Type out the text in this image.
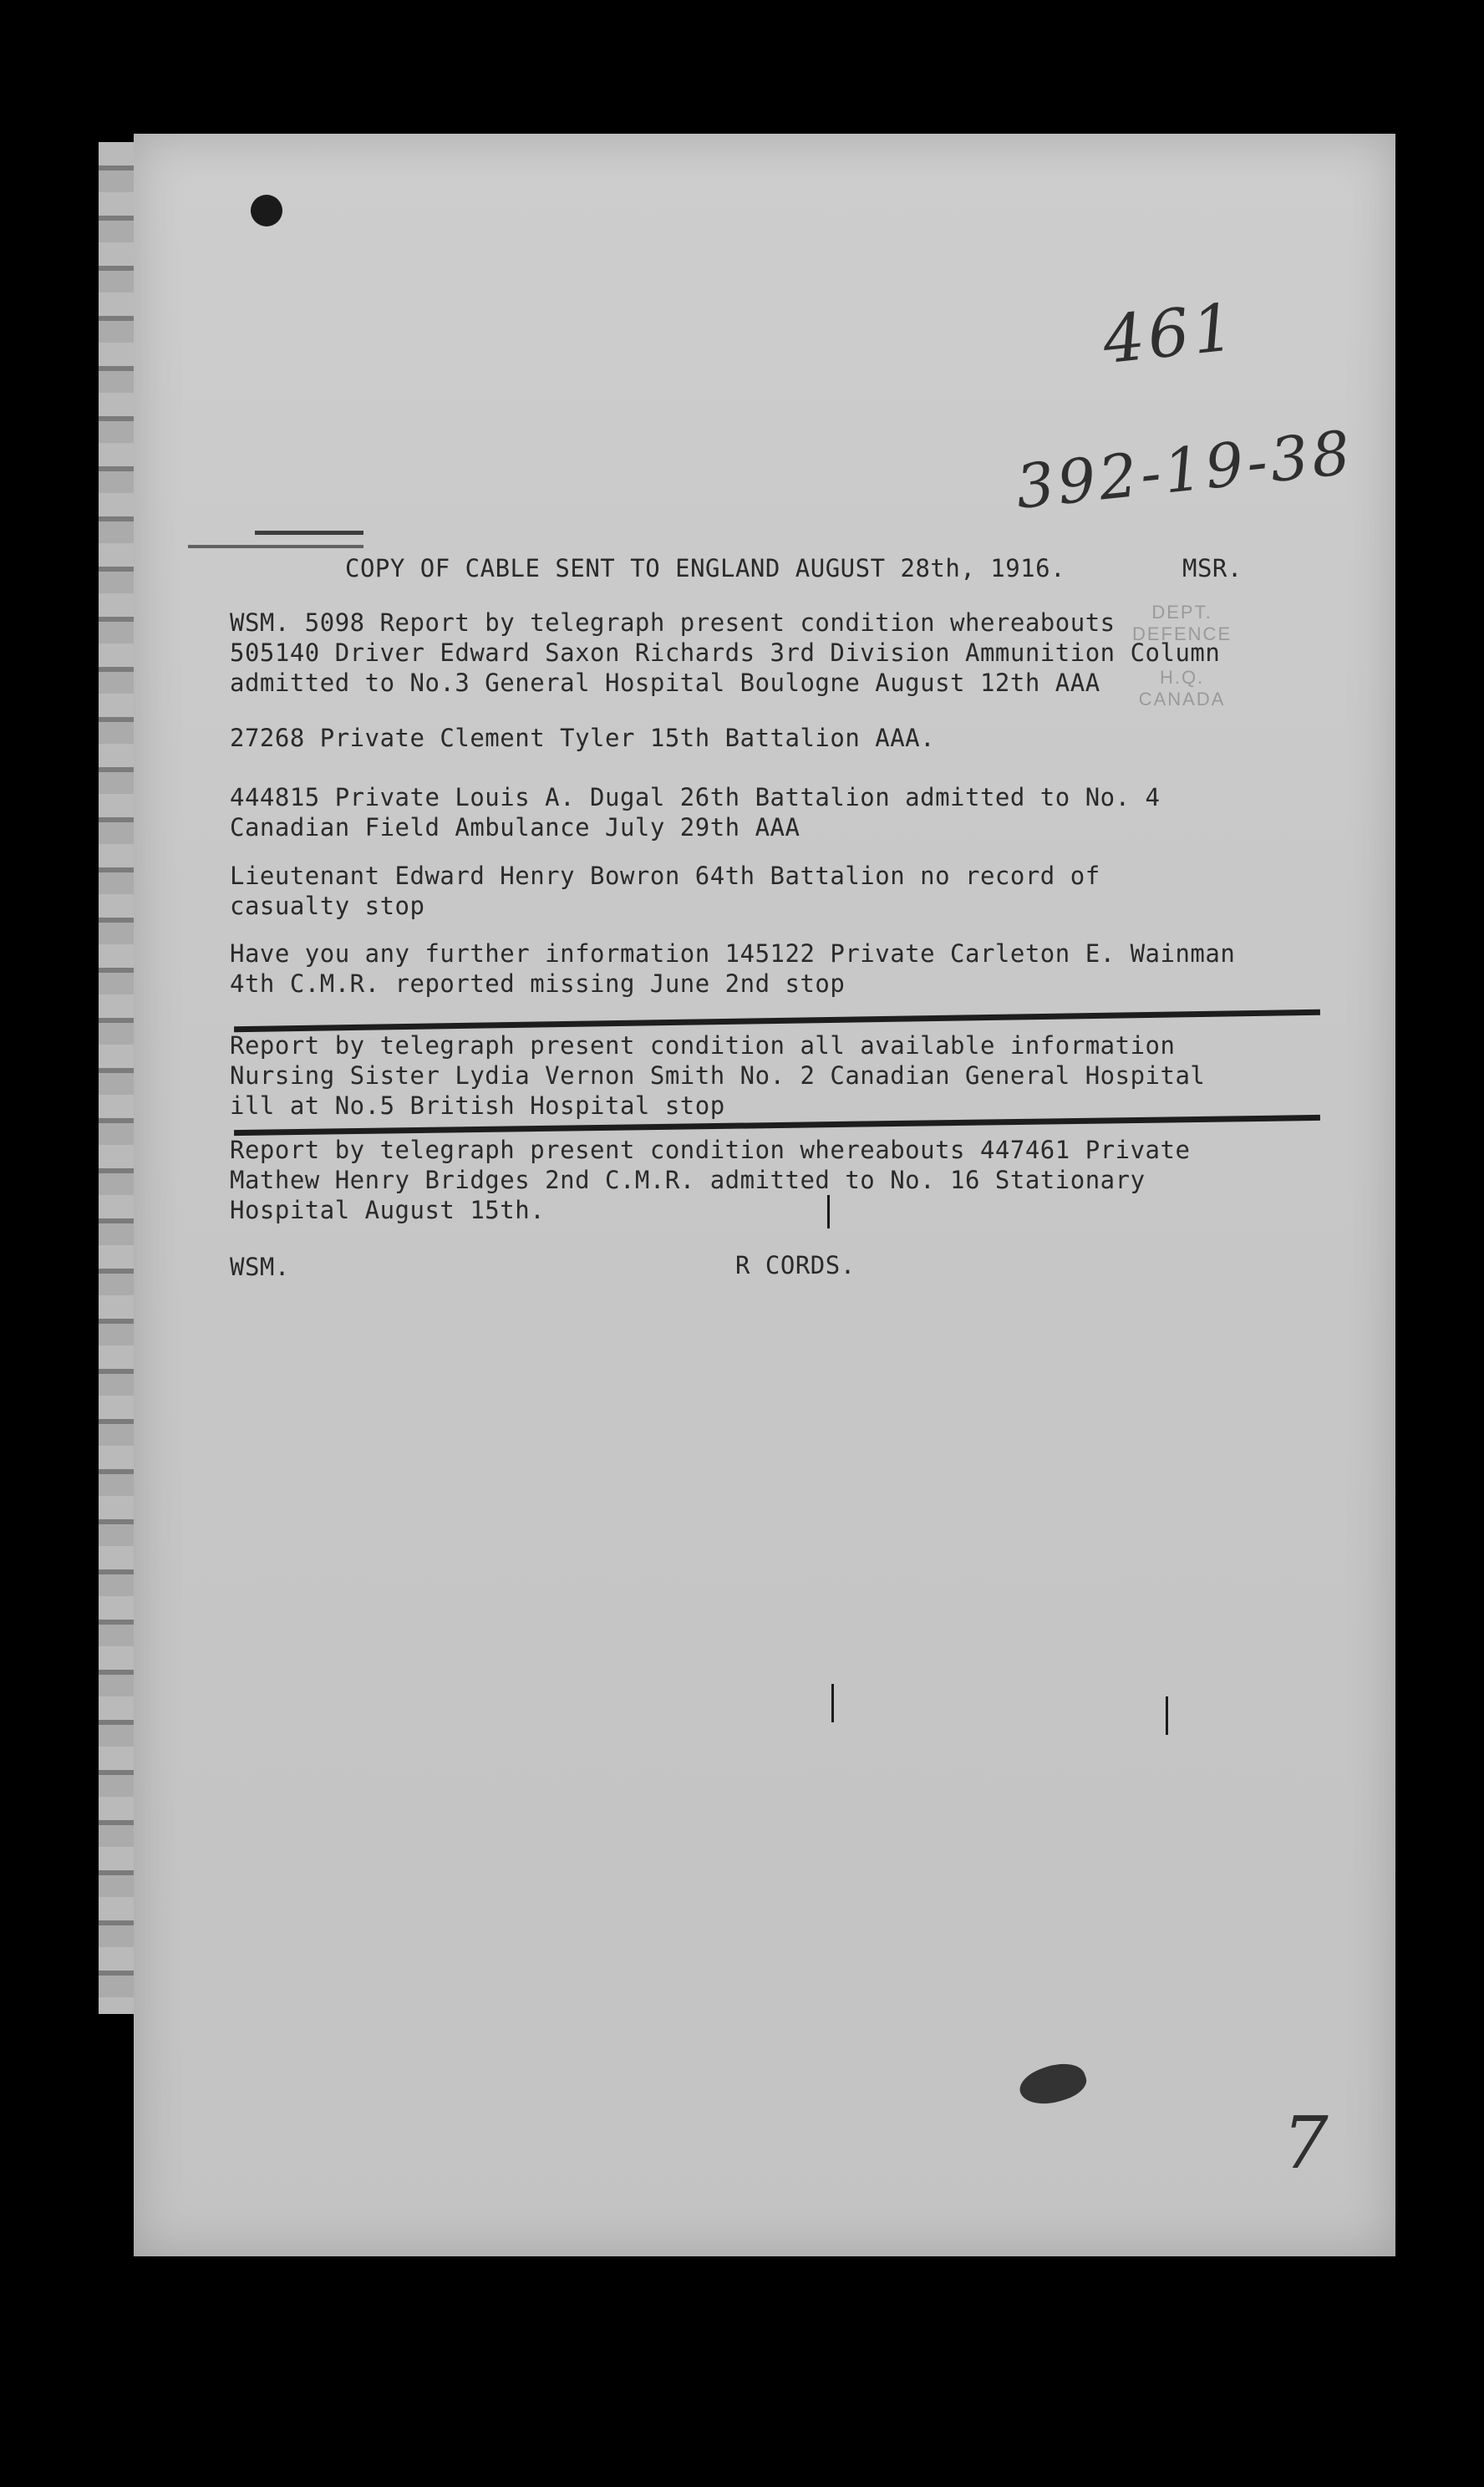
461
392-19-38

COPY OF CABLE SENT TO ENGLAND AUGUST 28th, 1916.	MSR.

DEPT.
DEFENCE
H.Q.
CANADA

WSM. 5098 Report by telegraph present condition whereabouts

505140 Driver Edward Saxon Richards 3rd Division Ammunition Column

admitted to No.3 General Hospital Boulogne August 12th AAA

27268 Private Clement Tyler 15th Battalion AAA.

444815 Private Louis A. Dugal 26th Battalion admitted to No. 4

Canadian Field Ambulance July 29th AAA

Lieutenant Edward Henry Bowron 64th Battalion no record of

casualty stop

Have you any further information 145122 Private Carleton E. Wainman

4th C.M.R. reported missing June 2nd stop

Report by telegraph present condition all available information

Nursing Sister Lydia Vernon Smith No. 2 Canadian General Hospital

ill at No.5 British Hospital stop

Report by telegraph present condition whereabouts 447461 Private

Mathew Henry Bridges 2nd C.M.R. admitted to No. 16 Stationary

Hospital August 15th.

WSM.	R CORDS.

7
